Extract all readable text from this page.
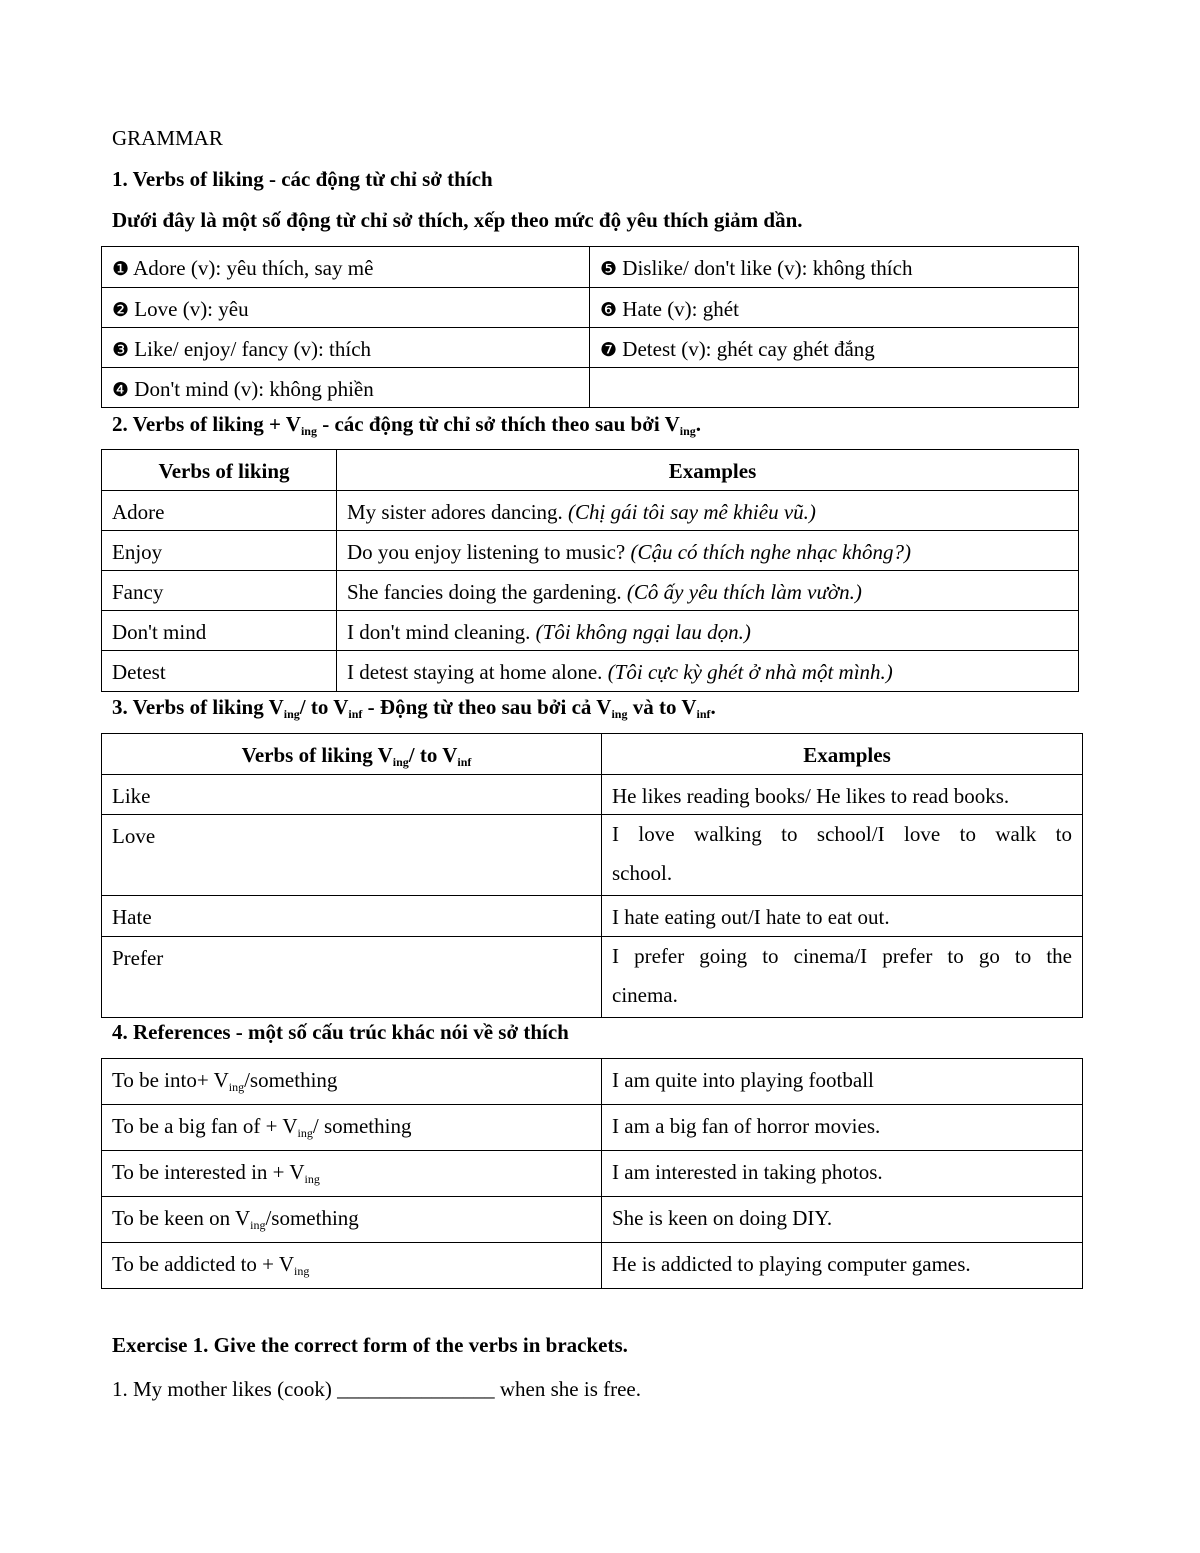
GRAMMAR
1. Verbs of liking - các động từ chỉ sở thích
Dưới đây là một số động từ chỉ sở thích, xếp theo mức độ yêu thích giảm dần.
❶ Adore (v): yêu thích, say mê	❺ Dislike/ don't like (v): không thích
❷ Love (v): yêu	❻ Hate (v): ghét
❸ Like/ enjoy/ fancy (v): thích	❼ Detest (v): ghét cay ghét đắng
❹ Don't mind (v): không phiền	
2. Verbs of liking + $V_{ing}$ - các động từ chỉ sở thích theo sau bởi $V_{ing}$.
Verbs of liking	Examples
Adore	My sister adores dancing. (Chị gái tôi say mê khiêu vũ.)
Enjoy	Do you enjoy listening to music? (Cậu có thích nghe nhạc không?)
Fancy	She fancies doing the gardening. (Cô ấy yêu thích làm vườn.)
Don't mind	I don't mind cleaning. (Tôi không ngại lau dọn.)
Detest	I detest staying at home alone. (Tôi cực kỳ ghét ở nhà một mình.)
3. Verbs of liking $V_{ing}/$ to $V_{inf}$ - Động từ theo sau bởi cả $V_{ing}$ và to $V_{inf}$.
Verbs of liking $V_{ing}/$ to $V_{inf}$	Examples
Like	He likes reading books/ He likes to read books.
Love	I love walking to school/I love to walk to
school.
Hate	I hate eating out/I hate to eat out.
Prefer	I prefer going to cinema/I prefer to go to the
cinema.
4. References - một số cấu trúc khác nói về sở thích
To be into+ $V_{ing}$/something	I am quite into playing football
To be a big fan of + $V_{ing}/$ something	I am a big fan of horror movies.
To be interested in + $V_{ing}$	I am interested in taking photos.
To be keen on $V_{ing}$/something	She is keen on doing DIY.
To be addicted to + $V_{ing}$	He is addicted to playing computer games.
Exercise 1. Give the correct form of the verbs in brackets.
1. My mother likes (cook) _______________ when she is free.
